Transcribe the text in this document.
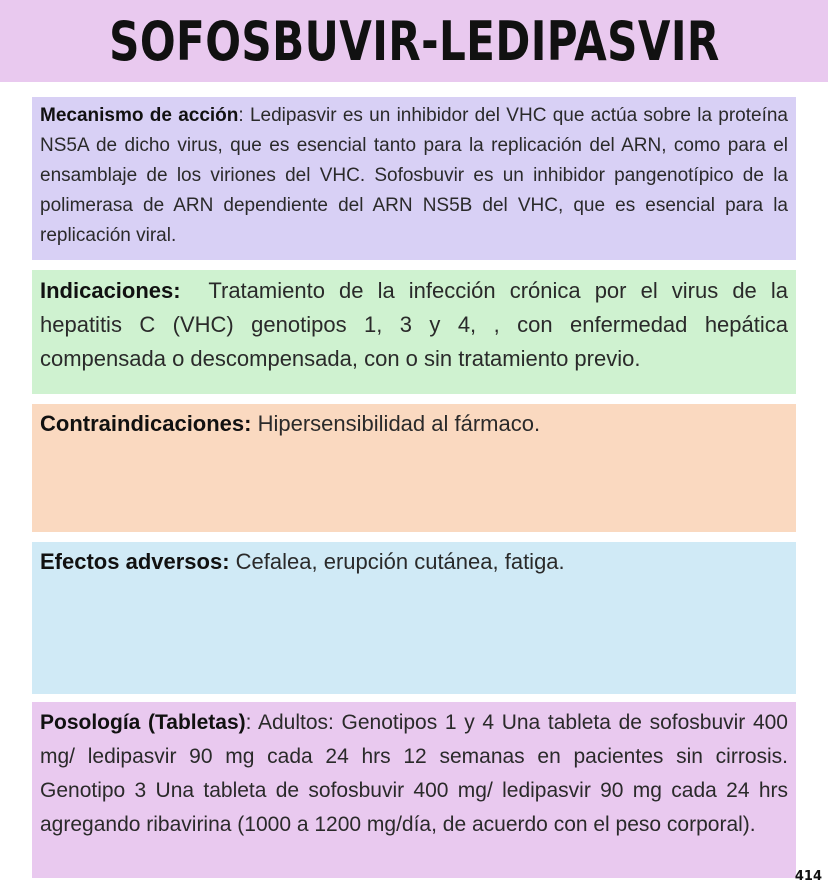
SOFOSBUVIR-LEDIPASVIR
Mecanismo de acción: Ledipasvir es un inhibidor del VHC que actúa sobre la proteína NS5A de dicho virus, que es esencial tanto para la replicación del ARN, como para el ensamblaje de los viriones del VHC. Sofosbuvir es un inhibidor pangenotípico de la polimerasa de ARN dependiente del ARN NS5B del VHC, que es esencial para la replicación viral.
Indicaciones: Tratamiento de la infección crónica por el virus de la hepatitis C (VHC) genotipos 1, 3 y 4, , con enfermedad hepática compensada o descompensada, con o sin tratamiento previo.
Contraindicaciones: Hipersensibilidad al fármaco.
Efectos adversos: Cefalea, erupción cutánea, fatiga.
Posología (Tabletas): Adultos: Genotipos 1 y 4 Una tableta de sofosbuvir 400 mg/ ledipasvir 90 mg cada 24 hrs 12 semanas en pacientes sin cirrosis. Genotipo 3 Una tableta de sofosbuvir 400 mg/ ledipasvir 90 mg cada 24 hrs agregando ribavirina (1000 a 1200 mg/día, de acuerdo con el peso corporal).
414
